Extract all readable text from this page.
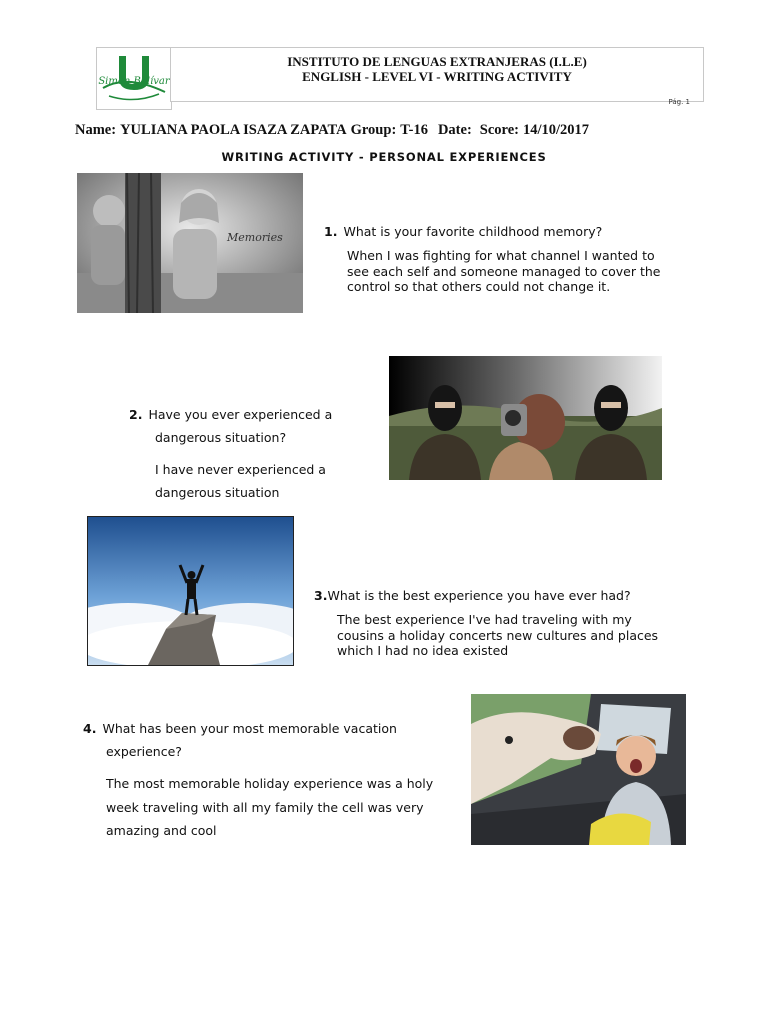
Simón Bolívar
INSTITUTO DE LENGUAS EXTRANJERAS (I.L.E)
ENGLISH - LEVEL VI - WRITING ACTIVITY
Pág. 1
Name: YULIANA PAOLA ISAZA ZAPATA Group: T-16 Date: Score: 14/10/2017
WRITING ACTIVITY - PERSONAL EXPERIENCES
Memories	1. What is your favorite childhood memory?
When I was fighting for what channel I wanted to
see each self and someone managed to cover the
control so that others could not change it.
2. Have you ever experienced a
dangerous situation?
I have never experienced a
dangerous situation
3.What is the best experience you have ever had?
The best experience I've had traveling with my
cousins a holiday concerts new cultures and places
which I had no idea existed
4. What has been your most memorable vacation
experience?
The most memorable holiday experience was a holy
week traveling with all my family the cell was very
amazing and cool
